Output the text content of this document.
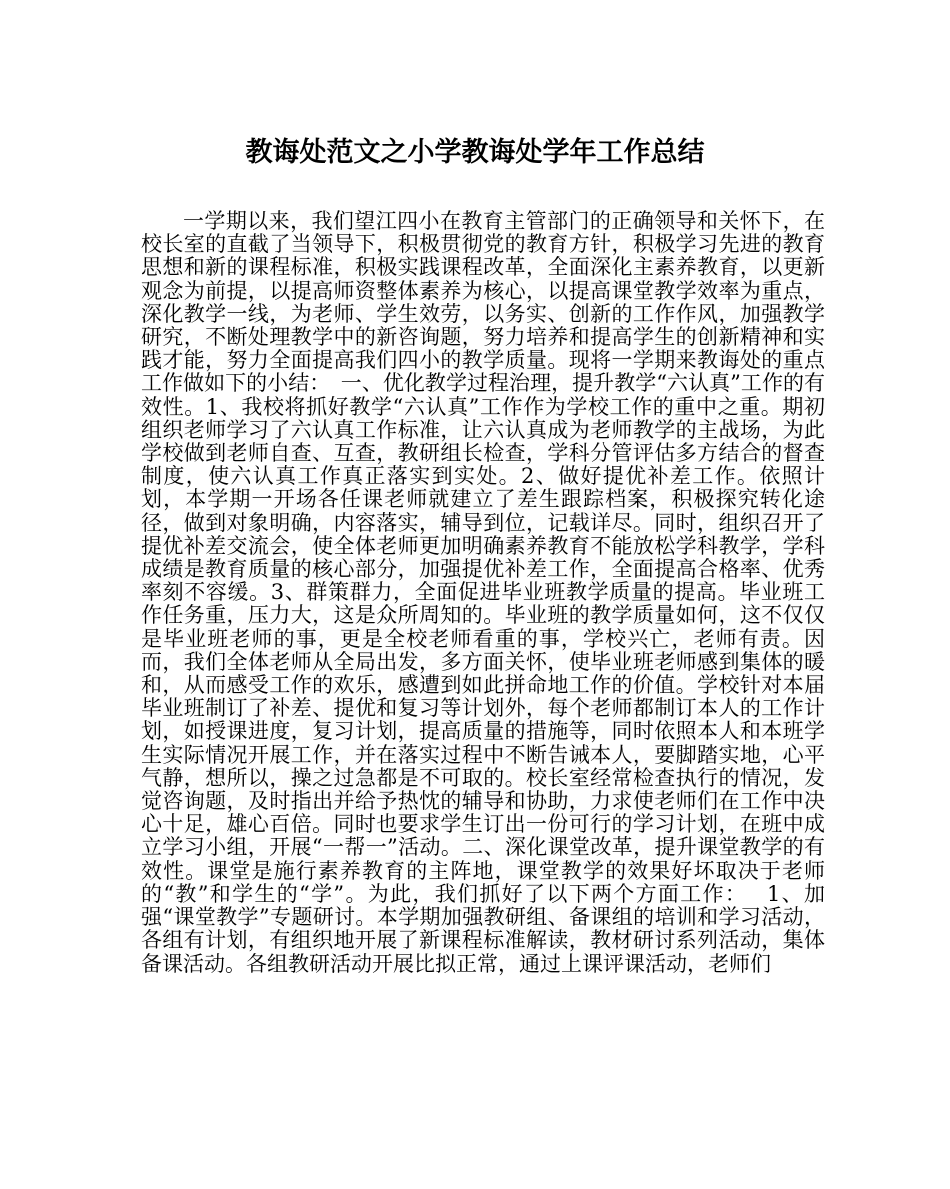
教诲处范文之小学教诲处学年工作总结

一学期以来，我们望江四小在教育主管部门的正确领导和关怀下，在校长室的直截了当领导下，积极贯彻党的教育方针，积极学习先进的教育思想和新的课程标准，积极实践课程改革，全面深化主素养教育，以更新观念为前提，以提高师资整体素养为核心，以提高课堂教学效率为重点，深化教学一线，为老师、学生效劳，以务实、创新的工作作风，加强教学研究，不断处理教学中的新咨询题，努力培养和提高学生的创新精神和实践才能，努力全面提高我们四小的教学质量。现将一学期来教诲处的重点工作做如下的小结：　一、优化教学过程治理，提升教学“六认真”工作的有效性。1、我校将抓好教学“六认真”工作作为学校工作的重中之重。期初组织老师学习了六认真工作标准，让六认真成为老师教学的主战场，为此学校做到老师自查、互查，教研组长检查，学科分管评估多方结合的督查制度，使六认真工作真正落实到实处。2、做好提优补差工作。依照计划，本学期一开场各任课老师就建立了差生跟踪档案，积极探究转化途径，做到对象明确，内容落实，辅导到位，记载详尽。同时，组织召开了提优补差交流会，使全体老师更加明确素养教育不能放松学科教学，学科成绩是教育质量的核心部分，加强提优补差工作，全面提高合格率、优秀率刻不容缓。3、群策群力，全面促进毕业班教学质量的提高。毕业班工作任务重，压力大，这是众所周知的。毕业班的教学质量如何，这不仅仅是毕业班老师的事，更是全校老师看重的事，学校兴亡，老师有责。因而，我们全体老师从全局出发，多方面关怀，使毕业班老师感到集体的暖和，从而感受工作的欢乐，感遭到如此拼命地工作的价值。学校针对本届毕业班制订了补差、提优和复习等计划外，每个老师都制订本人的工作计划，如授课进度，复习计划，提高质量的措施等，同时依照本人和本班学生实际情况开展工作，并在落实过程中不断告诫本人，要脚踏实地，心平气静，想所以，操之过急都是不可取的。校长室经常检查执行的情况，发觉咨询题，及时指出并给予热忱的辅导和协助，力求使老师们在工作中决心十足，雄心百倍。同时也要求学生订出一份可行的学习计划，在班中成立学习小组，开展“一帮一”活动。二、深化课堂改革，提升课堂教学的有效性。课堂是施行素养教育的主阵地，课堂教学的效果好坏取决于老师的“教”和学生的“学”。为此，我们抓好了以下两个方面工作：　 1、加强“课堂教学”专题研讨。本学期加强教研组、备课组的培训和学习活动，各组有计划，有组织地开展了新课程标准解读，教材研讨系列活动，集体备课活动。各组教研活动开展比拟正常，通过上课评课活动，老师们
